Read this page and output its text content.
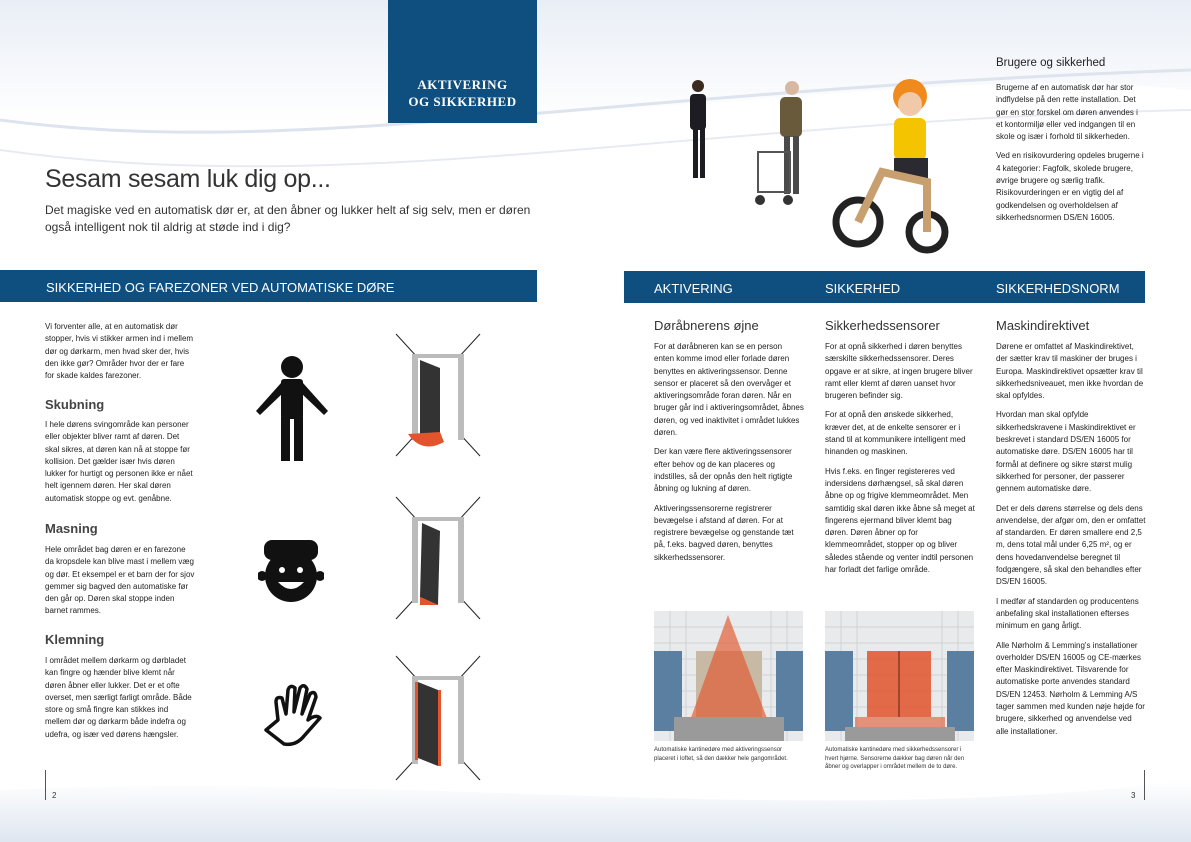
AKTIVERING
OG SIKKERHED
Sesam sesam luk dig op...
Det magiske ved en automatisk dør er, at den åbner og lukker helt af sig selv, men er døren også intelligent nok til aldrig at støde ind i dig?
Brugere og sikkerhed

Brugerne af en automatisk dør har stor indflydelse på den rette installation. Det gør en stor forskel om døren anvendes i et kontormiljø eller ved indgangen til en skole og især i forhold til sikkerheden.

Ved en risikovurdering opdeles brugerne i 4 kategorier: Fagfolk, skolede brugere, øvrige brugere og særlig trafik. Risikovurderingen er en vigtig del af godkendelsen og overholdelsen af sikkerhedsnormen DS/EN 16005.

SIKKERHED OG FAREZONER VED AUTOMATISKE DØRE	AKTIVERING	SIKKERHED	SIKKERHEDSNORM
Vi forventer alle, at en automatisk dør stopper, hvis vi stikker armen ind i mellem dør og dørkarm, men hvad sker der, hvis den ikke gør? Områder hvor der er fare for skade kaldes farezoner.
Skubning
I hele dørens svingområde kan personer eller objekter bliver ramt af døren. Det skal sikres, at døren kan nå at stoppe før kollision. Det gælder især hvis døren lukker for hurtigt og personen ikke er nået helt igennem døren. Her skal døren automatisk stoppe og evt. genåbne.
Masning
Hele området bag døren er en farezone da kropsdele kan blive mast i mellem væg og dør. Et eksempel er et barn der for sjov gemmer sig bagved den automatiske før den går op. Døren skal stoppe inden barnet rammes.
Klemning
I området mellem dørkarm og dørbladet kan fingre og hænder blive klemt når døren åbner eller lukker. Det er et ofte overset, men særligt farligt område. Både store og små fingre kan stikkes ind mellem dør og dørkarm både indefra og udefra, og især ved dørens hængsler.
Døråbnerens øjne

For at døråbneren kan se en person enten komme imod eller forlade døren benyttes en aktiveringssensor. Denne sensor er placeret så den overvåger et aktiveringsområde foran døren. Når en bruger går ind i aktiveringsområdet, åbnes døren, og ved inaktivitet i området lukkes døren.

Der kan være flere aktiveringssensorer efter behov og de kan placeres og indstilles, så der opnås den helt rigtigte åbning og lukning af døren.

Aktiveringssensorerne registrerer bevægelse i afstand af døren. For at registrere bevægelse og genstande tæt på, f.eks. bagved døren, benyttes sikkerhedssensorer.

Sikkerhedssensorer

For at opnå sikkerhed i døren benyttes særskilte sikkerhedssensorer. Deres opgave er at sikre, at ingen brugere bliver ramt eller klemt af døren uanset hvor brugeren befinder sig.

For at opnå den ønskede sikkerhed, kræver det, at de enkelte sensorer er i stand til at kommunikere intelligent med hinanden og maskinen.

Hvis f.eks. en finger registereres ved indersidens dørhængsel, så skal døren åbne op og frigive klemmeområdet. Men samtidig skal døren ikke åbne så meget at fingerens ejermand bliver klemt bag døren. Døren åbner op for klemmeområdet, stopper op og bliver således stående og venter indtil personen har forladt det farlige område.

Maskindirektivet

Dørene er omfattet af Maskindirektivet, der sætter krav til maskiner der bruges i Europa. Maskindirektivet opsætter krav til sikkerhedsniveauet, men ikke hvordan de skal opfyldes.

Hvordan man skal opfylde sikkerhedskravene i Maskindirektivet er beskrevet i standard DS/EN 16005 for automatiske døre. DS/EN 16005 har til formål at definere og sikre størst mulig sikkerhed for personer, der passerer gennem automatiske døre.

Det er dels dørens størrelse og dels dens anvendelse, der afgør om, den er omfattet af standarden. Er døren smallere end 2,5 m, dens total mål under 6,25 m², og er dens hovedanvendelse beregnet til fodgængere, så skal den behandles efter DS/EN 16005.

I medfør af standarden og producentens anbefaling skal installationen efterses minimum en gang årligt.

Alle Nørholm & Lemming's installationer overholder DS/EN 16005 og CE-mærkes efter Maskindirektivet. Tilsvarende for automatiske porte anvendes standard DS/EN 12453. Nørholm & Lemming A/S tager sammen med kunden nøje højde for brugere, sikkerhed og anvendelse ved alle installationer.

Automatiske kantinedøre med aktiveringssensor placeret i loftet, så den dækker hele gangområdet.
Automatiske kantinedøre med sikkerhedssensorer i hvert hjørne. Sensorerne dækker bag døren når den åbner og overlapper i området mellem de to døre.
2	3
